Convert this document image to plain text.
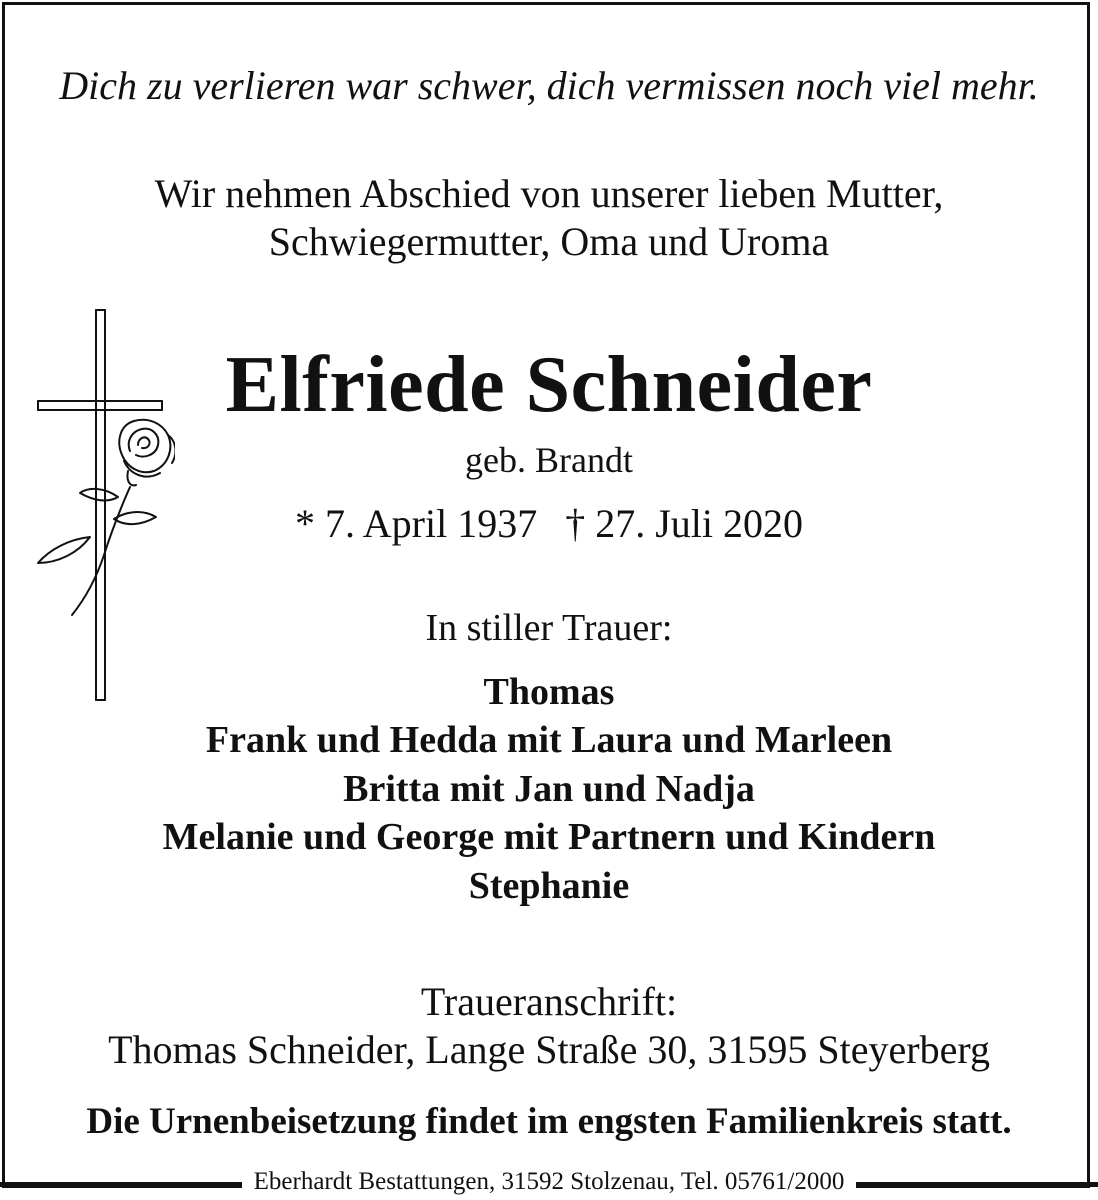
Dich zu verlieren war schwer, dich vermissen noch viel mehr.
Wir nehmen Abschied von unserer lieben Mutter,
Schwiegermutter, Oma und Uroma
Elfriede Schneider
geb. Brandt
* 7. April 1937 † 27. Juli 2020
In stiller Trauer:
Thomas
Frank und Hedda mit Laura und Marleen
Britta mit Jan und Nadja
Melanie und George mit Partnern und Kindern
Stephanie
Traueranschrift:
Thomas Schneider, Lange Straße 30, 31595 Steyerberg
Die Urnenbeisetzung findet im engsten Familienkreis statt.
Eberhardt Bestattungen, 31592 Stolzenau, Tel. 05761/2000
